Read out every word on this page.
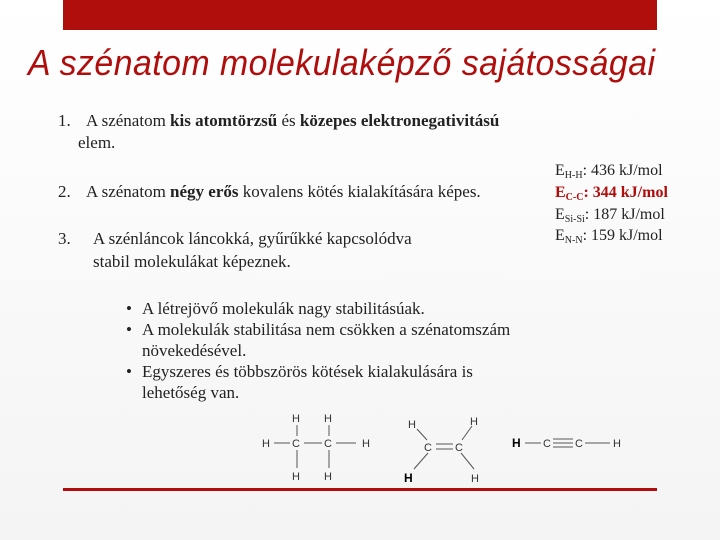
A szénatom molekulaképző sajátosságai
1. A szénatom kis atomtörzsű és közepes elektronegativitású
elem.
2. A szénatom négy erős kovalens kötés kialakítására képes.
3. A szénláncok láncokká, gyűrűkké kapcsolódva
stabil molekulákat képeznek.
$E_{H-H}$: 436 kJ/mol
$E_{C-C}$: 344 kJ/mol
$E_{Si-Si}$: 187 kJ/mol
$E_{N-N}$: 159 kJ/mol
• A létrejövő molekulák nagy stabilitásúak.
• A molekulák stabilitása nem csökken a szénatomszám
növekedésével.
• Egyszeres és többszörös kötések kialakulására is
lehetőség van.
H H
H C C	H
H H
H	H
C C
H	H
H C C	H
